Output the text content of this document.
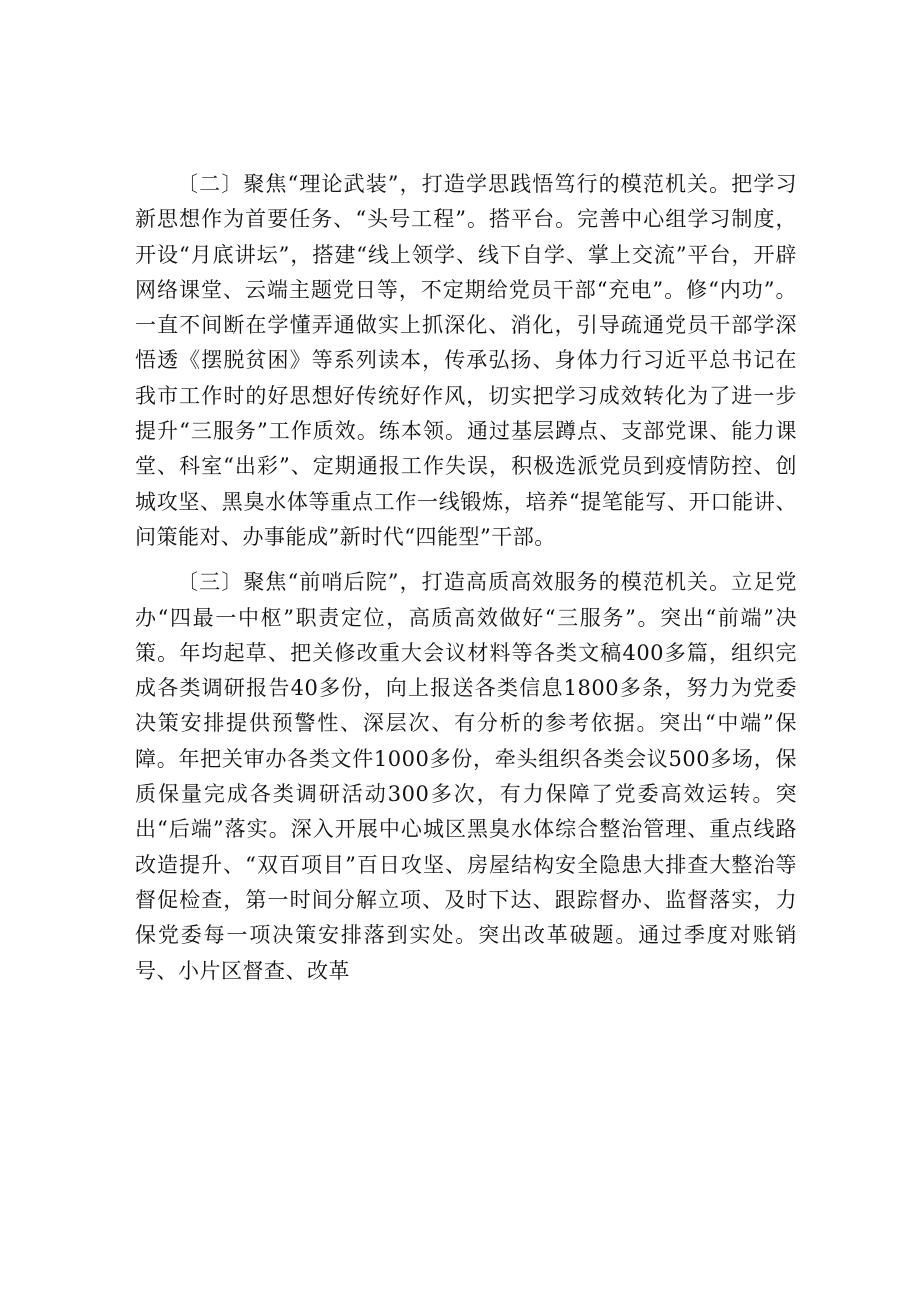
〔二〕聚焦“理论武装”，打造学思践悟笃行的模范机关。把学习新思想作为首要任务、“头号工程”。搭平台。完善中心组学习制度，开设“月底讲坛”，搭建“线上领学、线下自学、掌上交流”平台，开辟网络课堂、云端主题党日等，不定期给党员干部“充电”。修“内功”。一直不间断在学懂弄通做实上抓深化、消化，引导疏通党员干部学深悟透《摆脱贫困》等系列读本，传承弘扬、身体力行习近平总书记在我市工作时的好思想好传统好作风，切实把学习成效转化为了进一步提升“三服务”工作质效。练本领。通过基层蹲点、支部党课、能力课堂、科室“出彩”、定期通报工作失误，积极选派党员到疫情防控、创城攻坚、黑臭水体等重点工作一线锻炼，培养“提笔能写、开口能讲、问策能对、办事能成”新时代“四能型”干部。

〔三〕聚焦“前哨后院”，打造高质高效服务的模范机关。立足党办“四最一中枢”职责定位，高质高效做好“三服务”。突出“前端”决策。年均起草、把关修改重大会议材料等各类文稿400多篇，组织完成各类调研报告40多份，向上报送各类信息1800多条，努力为党委决策安排提供预警性、深层次、有分析的参考依据。突出“中端”保障。年把关审办各类文件1000多份，牵头组织各类会议500多场，保质保量完成各类调研活动300多次，有力保障了党委高效运转。突出“后端”落实。深入开展中心城区黑臭水体综合整治管理、重点线路改造提升、“双百项目”百日攻坚、房屋结构安全隐患大排查大整治等督促检查，第一时间分解立项、及时下达、跟踪督办、监督落实，力保党委每一项决策安排落到实处。突出改革破题。通过季度对账销号、小片区督查、改革
